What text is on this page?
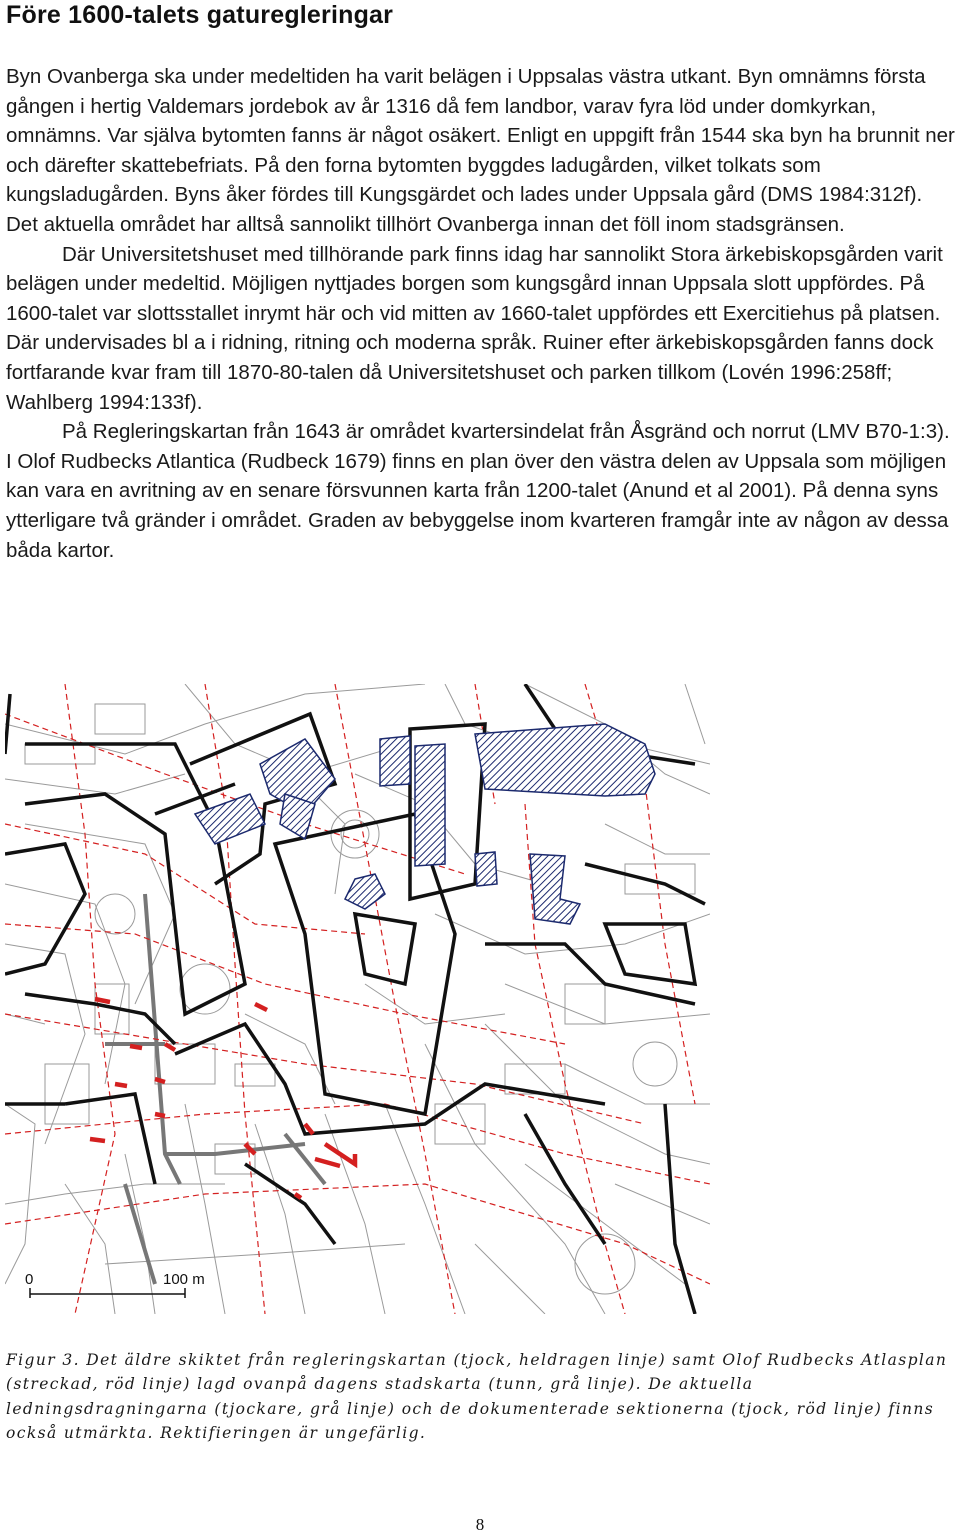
Före 1600-talets gaturegleringar

Byn Ovanberga ska under medeltiden ha varit belägen i Uppsalas västra utkant. Byn omnämns första gången i hertig Valdemars jordebok av år 1316 då fem landbor, varav fyra löd under domkyrkan, omnämns. Var själva bytomten fanns är något osäkert. Enligt en uppgift från 1544 ska byn ha brunnit ner och därefter skattebefriats. På den forna bytomten byggdes ladugården, vilket tolkats som kungsladugården. Byns åker fördes till Kungsgärdet och lades under Uppsala gård (DMS 1984:312f). Det aktuella området har alltså sannolikt tillhört Ovanberga innan det föll inom stadsgränsen.

Där Universitetshuset med tillhörande park finns idag har sannolikt Stora ärkebiskopsgården varit belägen under medeltid. Möjligen nyttjades borgen som kungsgård innan Uppsala slott uppfördes. På 1600-talet var slottsstallet inrymt här och vid mitten av 1660-talet uppfördes ett Exercitiehus på platsen. Där undervisades bl a i ridning, ritning och moderna språk. Ruiner efter ärkebiskopsgården fanns dock fortfarande kvar fram till 1870-80-talen då Universitetshuset och parken tillkom (Lovén 1996:258ff; Wahlberg 1994:133f).

På Regleringskartan från 1643 är området kvartersindelat från Åsgränd och norrut (LMV B70-1:3). I Olof Rudbecks Atlantica (Rudbeck 1679) finns en plan över den västra delen av Uppsala som möjligen kan vara en avritning av en senare försvunnen karta från 1200-talet (Anund et al 2001). På denna syns ytterligare två gränder i området. Graden av bebyggelse inom kvarteren framgår inte av någon av dessa båda kartor.

0	100 m
Figur 3. Det äldre skiktet från regleringskartan (tjock, heldragen linje) samt Olof Rudbecks Atlasplan (streckad, röd linje) lagd ovanpå dagens stadskarta (tunn, grå linje). De aktuella ledningsdragningarna (tjockare, grå linje) och de dokumenterade sektionerna (tjock, röd linje) finns också utmärkta. Rektifieringen är ungefärlig.
8
